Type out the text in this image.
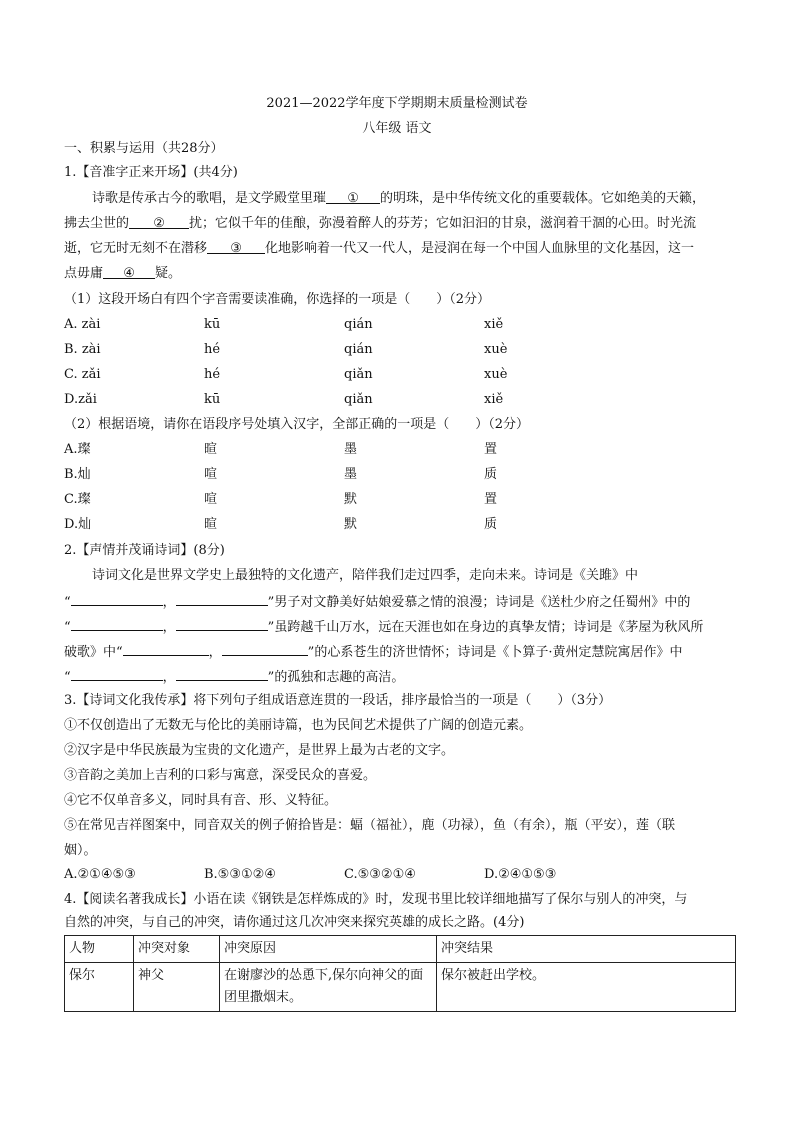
2021—2022学年度下学期期末质量检测试卷
八年级 语文
一、积累与运用（共28分）
1.【音准字正来开场】(共4分)
诗歌是传承古今的歌唱，是文学殿堂里璀 ① 的明珠，是中华传统文化的重要载体。它如绝美的天籁，
拂去尘世的 ② 扰；它似千年的佳酿，弥漫着醉人的芬芳；它如汩汩的甘泉，滋润着干涸的心田。时光流
逝，它无时无刻不在潜移 ③ 化地影响着一代又一代人，是浸润在每一个中国人血脉里的文化基因，这一
点毋庸 ④ 疑。
（1）这段开场白有四个字音需要读准确，你选择的一项是（　　）（2分）
A. zài	kū	qián	xiě
B. zài	hé	qián	xuè
C. zǎi	hé	qiǎn	xuè
D.zǎi	kū	qiǎn	xiě
（2）根据语境，请你在语段序号处填入汉字，全部正确的一项是（　　）（2分）
A.璨	暄	墨	置
B.灿	喧	墨	质
C.璨	喧	默	置
D.灿	暄	默	质
2.【声情并茂诵诗词】(8分)
诗词文化是世界文学史上最独特的文化遗产，陪伴我们走过四季，走向未来。诗词是《关雎》中
“	，	”男子对文静美好姑娘爱慕之情的浪漫；诗词是《送杜少府之任蜀州》中的
“	，	”虽跨越千山万水，远在天涯也如在身边的真挚友情；诗词是《茅屋为秋风所
破歌》中“	，	”的心系苍生的济世情怀；诗词是《卜算子·黄州定慧院寓居作》中
“	，	”的孤独和志趣的高洁。
3.【诗词文化我传承】将下列句子组成语意连贯的一段话，排序最恰当的一项是（　　）（3分）
①不仅创造出了无数无与伦比的美丽诗篇，也为民间艺术提供了广阔的创造元素。
②汉字是中华民族最为宝贵的文化遗产，是世界上最为古老的文字。
③音韵之美加上吉利的口彩与寓意，深受民众的喜爱。
④它不仅单音多义，同时具有音、形、义特征。
⑤在常见吉祥图案中，同音双关的例子俯拾皆是：蝠（福祉），鹿（功禄），鱼（有余），瓶（平安），莲（联
姻）。
A.②①④⑤③	B.⑤③①②④	C.⑤③②①④	D.②④①⑤③
4.【阅读名著我成长】小语在读《钢铁是怎样炼成的》时，发现书里比较详细地描写了保尔与别人的冲突，与
自然的冲突，与自己的冲突，请你通过这几次冲突来探究英雄的成长之路。(4分)
人物	冲突对象	冲突原因	冲突结果
保尔	神父	在谢廖沙的怂恿下,保尔向神父的面团里撒烟末。	保尔被赶出学校。
